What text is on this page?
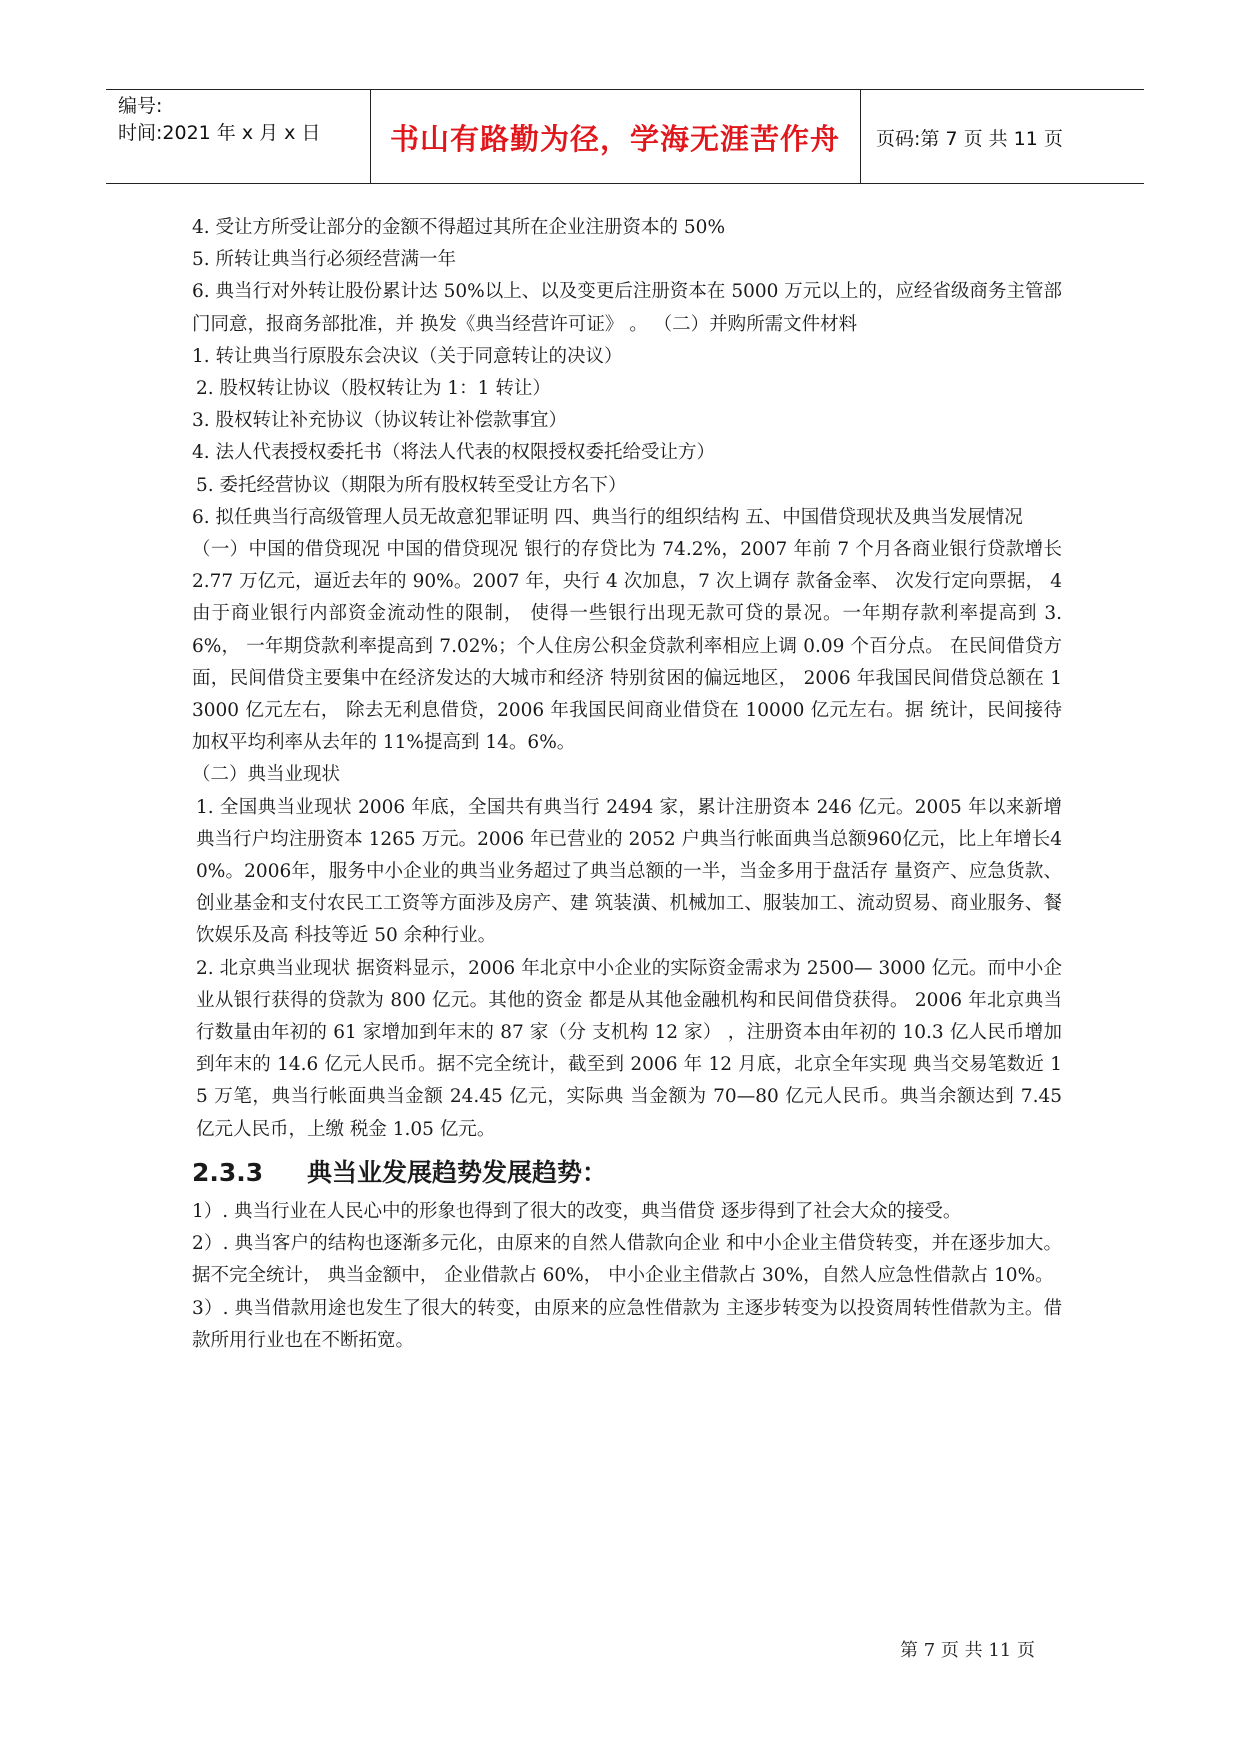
编号:
时间:2021 年 x 月 x 日	书山有路勤为径，学海无涯苦作舟	页码:第 7 页 共 11 页

4. 受让方所受让部分的金额不得超过其所在企业注册资本的 50%

5. 所转让典当行必须经营满一年

6. 典当行对外转让股份累计达 50%以上、以及变更后注册资本在 5000 万元以上的，应经省级商务主管部门同意，报商务部批准，并 换发《典当经营许可证》 。 （二）并购所需文件材料

1. 转让典当行原股东会决议（关于同意转让的决议）

2. 股权转让协议（股权转让为 1：1 转让）

3. 股权转让补充协议（协议转让补偿款事宜）

4. 法人代表授权委托书（将法人代表的权限授权委托给受让方）

5. 委托经营协议（期限为所有股权转至受让方名下）

6. 拟任典当行高级管理人员无故意犯罪证明 四、典当行的组织结构 五、中国借贷现状及典当发展情况

（一）中国的借贷现况 中国的借贷现况 银行的存贷比为 74.2%，2007 年前 7 个月各商业银行贷款增长 2.77 万亿元，逼近去年的 90%。2007 年，央行 4 次加息，7 次上调存 款备金率、 次发行定向票据， 4 由于商业银行内部资金流动性的限制， 使得一些银行出现无款可贷的景况。一年期存款利率提高到 3.6%， 一年期贷款利率提高到 7.02%；个人住房公积金贷款利率相应上调 0.09 个百分点。 在民间借贷方面，民间借贷主要集中在经济发达的大城市和经济 特别贫困的偏远地区， 2006 年我国民间借贷总额在 13000 亿元左右， 除去无利息借贷，2006 年我国民间商业借贷在 10000 亿元左右。据 统计，民间接待加权平均利率从去年的 11%提高到 14。6%。

（二）典当业现状

1. 全国典当业现状 2006 年底，全国共有典当行 2494 家，累计注册资本 246 亿元。2005 年以来新增典当行户均注册资本 1265 万元。2006 年已营业的 2052 户典当行帐面典当总额960亿元，比上年增长40%。2006年，服务中小企业的典当业务超过了典当总额的一半，当金多用于盘活存 量资产、应急货款、创业基金和支付农民工工资等方面涉及房产、建 筑装潢、机械加工、服装加工、流动贸易、商业服务、餐饮娱乐及高 科技等近 50 余种行业。

2. 北京典当业现状 据资料显示，2006 年北京中小企业的实际资金需求为 2500— 3000 亿元。而中小企业从银行获得的贷款为 800 亿元。其他的资金 都是从其他金融机构和民间借贷获得。 2006 年北京典当行数量由年初的 61 家增加到年末的 87 家（分 支机构 12 家） ，注册资本由年初的 10.3 亿人民币增加到年末的 14.6 亿元人民币。据不完全统计，截至到 2006 年 12 月底，北京全年实现 典当交易笔数近 15 万笔，典当行帐面典当金额 24.45 亿元，实际典 当金额为 70—80 亿元人民币。典当余额达到 7.45 亿元人民币，上缴 税金 1.05 亿元。

2.3.3 典当业发展趋势发展趋势：

1）. 典当行业在人民心中的形象也得到了很大的改变，典当借贷 逐步得到了社会大众的接受。

2）. 典当客户的结构也逐渐多元化，由原来的自然人借款向企业 和中小企业主借贷转变，并在逐步加大。 据不完全统计， 典当金额中， 企业借款占 60%， 中小企业主借款占 30%，自然人应急性借款占 10%。

3）. 典当借款用途也发生了很大的转变，由原来的应急性借款为 主逐步转变为以投资周转性借款为主。借款所用行业也在不断拓宽。

第 7 页 共 11 页
